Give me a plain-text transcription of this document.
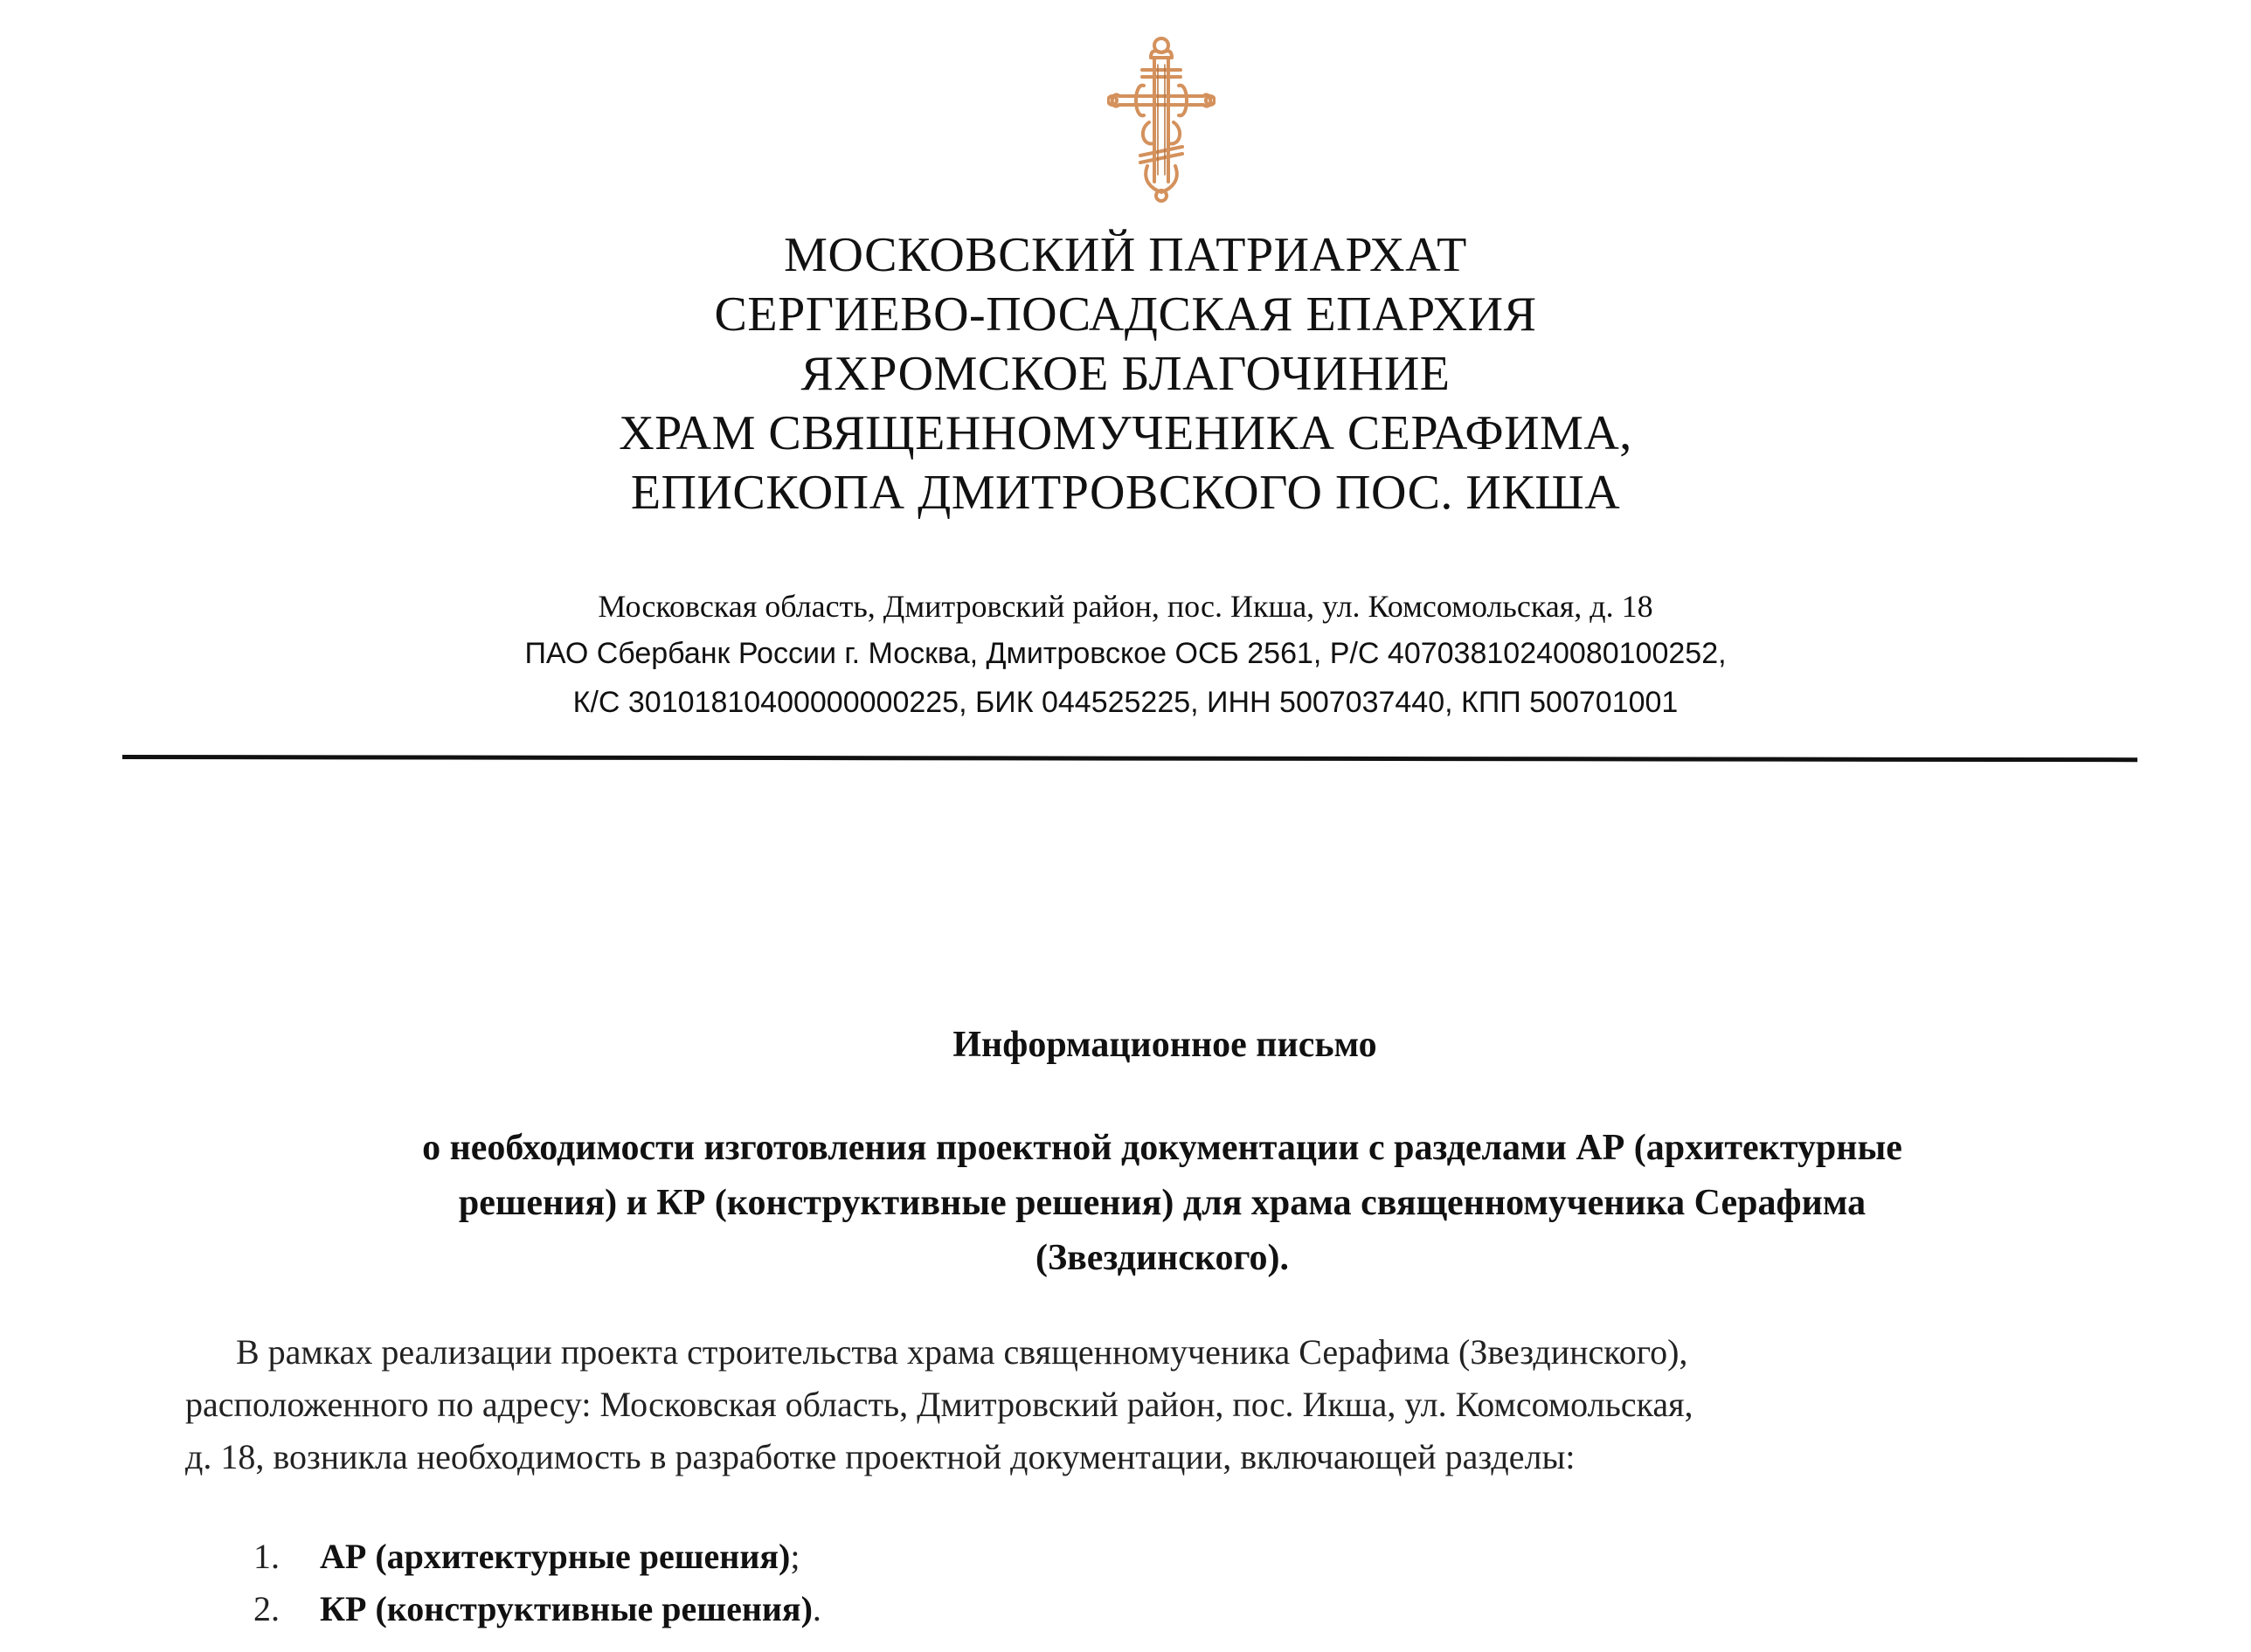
МОСКОВСКИЙ ПАТРИАРХАТ
СЕРГИЕВО-ПОСАДСКАЯ ЕПАРХИЯ
ЯХРОМСКОЕ БЛАГОЧИНИЕ
ХРАМ СВЯЩЕННОМУЧЕНИКА СЕРАФИМА,
ЕПИСКОПА ДМИТРОВСКОГО ПОС. ИКША
Московская область, Дмитровский район, пос. Икша, ул. Комсомольская, д. 18
ПАО Сбербанк России г. Москва, Дмитровское ОСБ 2561, Р/С 40703810240080100252,
К/С 30101810400000000225, БИК 044525225, ИНН 5007037440, КПП 500701001
Информационное письмо
о необходимости изготовления проектной документации с разделами АР (архитектурные
решения) и КР (конструктивные решения) для храма священномученика Серафима
(Звездинского).
В рамках реализации проекта строительства храма священномученика Серафима (Звездинского),
расположенного по адресу: Московская область, Дмитровский район, пос. Икша, ул. Комсомольская,
д. 18, возникла необходимость в разработке проектной документации, включающей разделы:
1. АР (архитектурные решения);
2. КР (конструктивные решения).
